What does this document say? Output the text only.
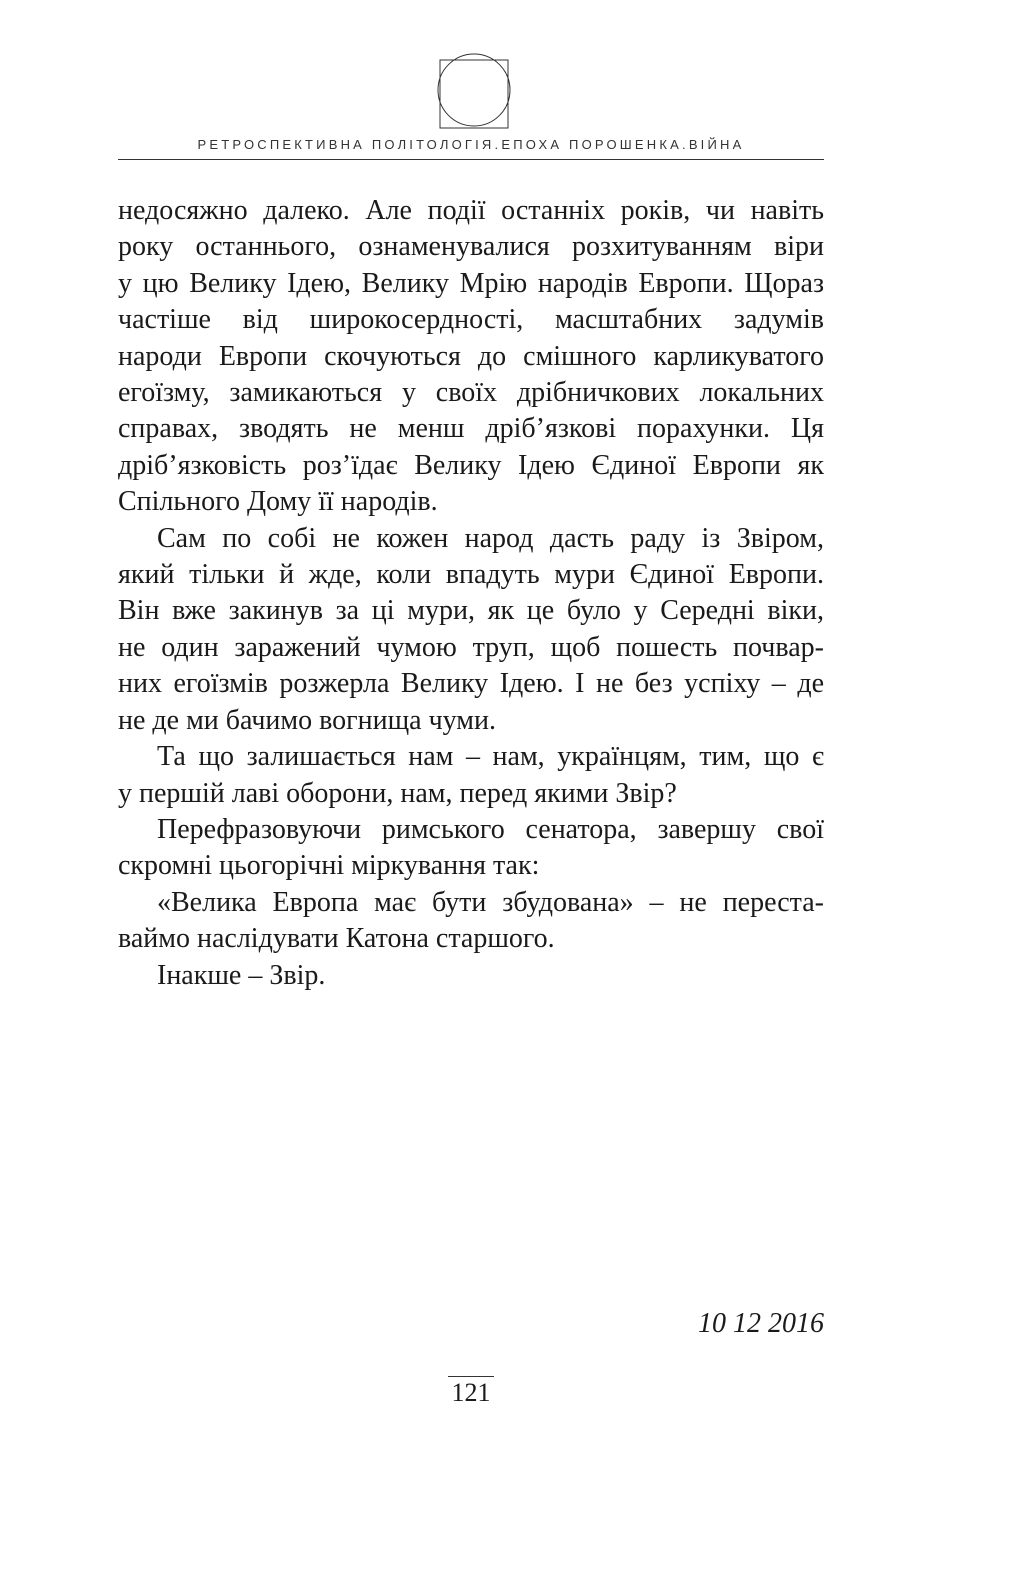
РЕТРОСПЕКТИВНА ПОЛІТОЛОГІЯ.ЕПОХА ПОРОШЕНКА.ВІЙНА

недосяжно далеко. Але події останніх років, чи навіть
року останнього, ознаменувалися розхитуванням віри
у цю Велику Ідею, Велику Мрію народів Европи. Щораз
частіше від широкосердності, масштабних задумів
народи Европи скочуються до смішного карликуватого
егоїзму, замикаються у своїх дрібничкових локальних
справах, зводять не менш дріб’язкові порахунки. Ця
дріб’язковість роз’їдає Велику Ідею Єдиної Европи як
Спільного Дому її народів.

Сам по собі не кожен народ дасть раду із Звіром,
який тільки й жде, коли впадуть мури Єдиної Европи.
Він вже закинув за ці мури, як це було у Середні віки,
не один заражений чумою труп, щоб пошесть почвар-
них егоїзмів розжерла Велику Ідею. І не без успіху – де
не де ми бачимо вогнища чуми.

Та що залишається нам – нам, українцям, тим, що є
у першій лаві оборони, нам, перед якими Звір?

Перефразовуючи римського сенатора, завершу свої
скромні цьогорічні міркування так:

«Велика Европа має бути збудована» – не переста-
ваймо наслідувати Катона старшого.

Інакше – Звір.

10 12 2016
121
